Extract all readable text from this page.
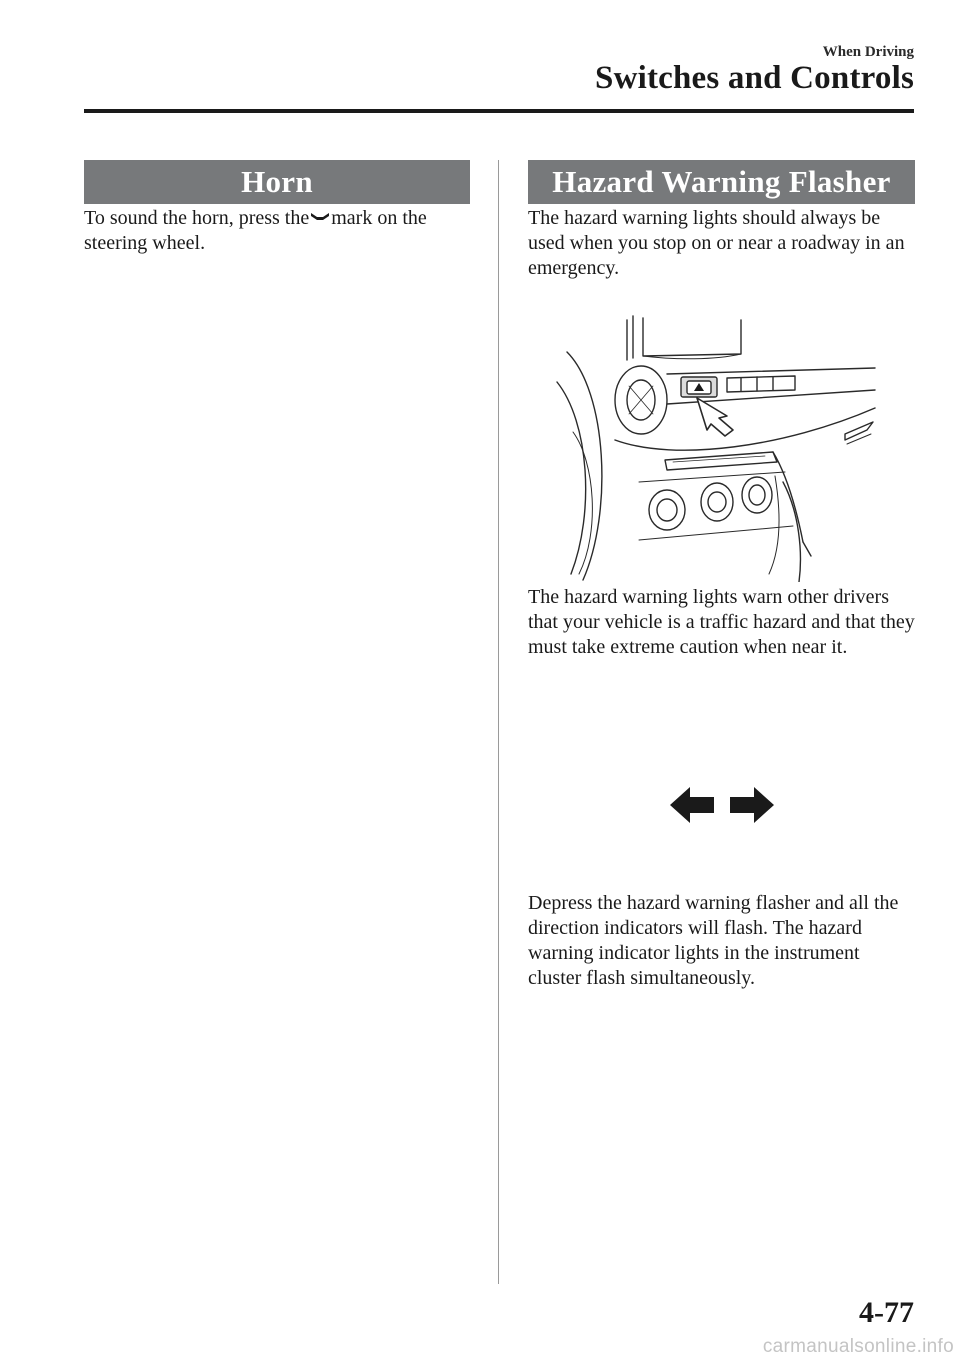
When Driving
Switches and Controls
Horn
To sound the horn, press the mark on the steering wheel.
Hazard Warning Flasher
The hazard warning lights should always be used when you stop on or near a roadway in an emergency.
The hazard warning lights warn other drivers that your vehicle is a traffic hazard and that they must take extreme caution when near it.
Depress the hazard warning flasher and all the direction indicators will flash. The hazard warning indicator lights in the instrument cluster flash simultaneously.
4-77
carmanualsonline.info
